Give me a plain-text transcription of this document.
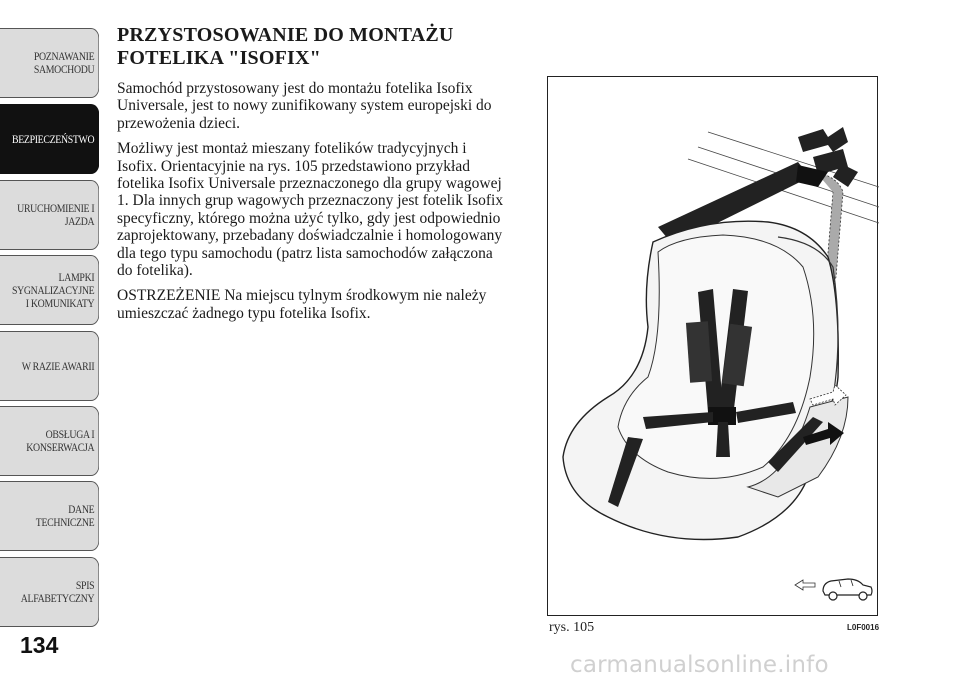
POZNAWANIE
SAMOCHODU
BEZPIECZEŃSTWO
URUCHOMIENIE I
JAZDA
LAMPKI
SYGNALIZACYJNE
I KOMUNIKATY
W RAZIE AWARII
OBSŁUGA I
KONSERWACJA
DANE
TECHNICZNE
SPIS
ALFABETYCZNY
134
PRZYSTOSOWANIE DO MONTAŻU FOTELIKA "ISOFIX"

Samochód przystosowany jest do montażu fotelika Isofix Universale, jest to nowy zunifikowany system europejski do przewożenia dzieci.

Możliwy jest montaż mieszany fotelików tradycyjnych i Isofix. Orientacyjnie na rys. 105 przedstawiono przykład fotelika Isofix Universale przeznaczonego dla grupy wagowej 1. Dla innych grup wagowych przeznaczony jest fotelik Isofix specyficzny, którego można użyć tylko, gdy jest odpowiednio zaprojektowany, przebadany doświadczalnie i homologowany dla tego typu samochodu (patrz lista samochodów załączona do fotelika).

OSTRZEŻENIE Na miejscu tylnym środkowym nie należy umieszczać żadnego typu fotelika Isofix.

rys. 105	L0F0016
carmanualsonline.info
